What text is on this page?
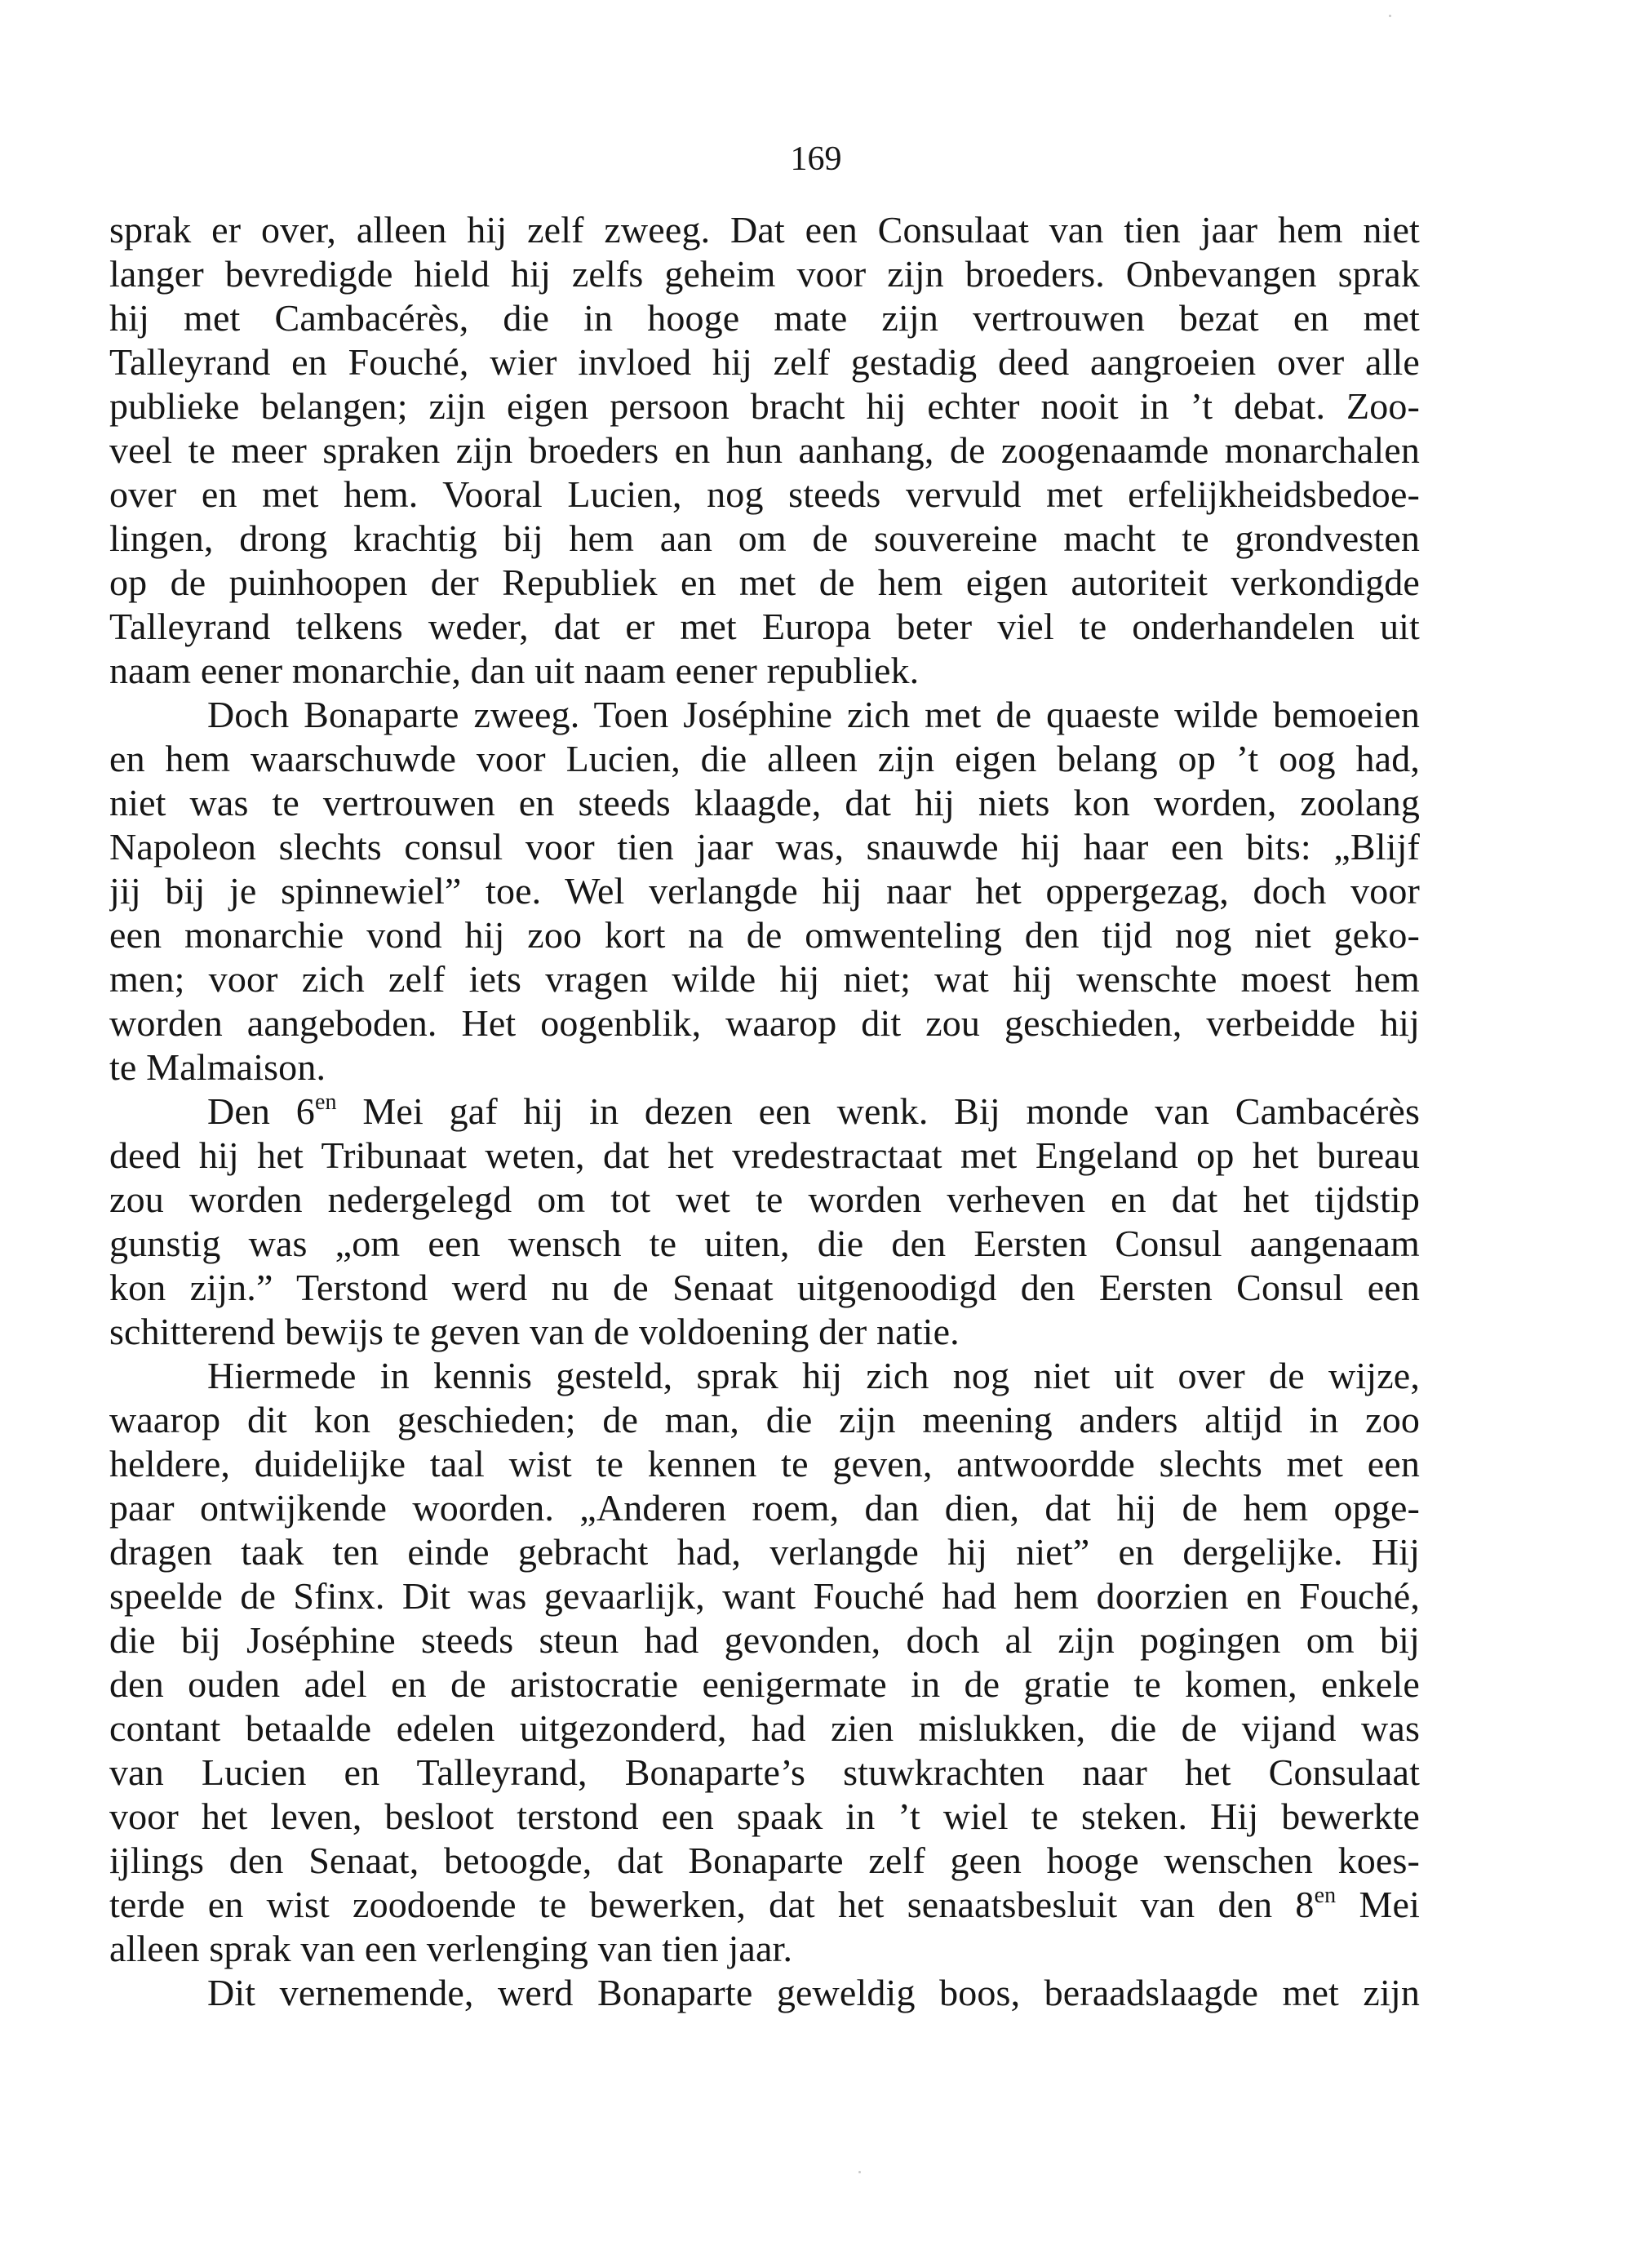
169
sprak er over, alleen hij zelf zweeg. Dat een Consulaat van tien jaar hem niet
langer bevredigde hield hij zelfs geheim voor zijn broeders. Onbevangen sprak
hij met Cambacérès, die in hooge mate zijn vertrouwen bezat en met
Talleyrand en Fouché, wier invloed hij zelf gestadig deed aangroeien over alle
publieke belangen; zijn eigen persoon bracht hij echter nooit in ’t debat. Zoo-
veel te meer spraken zijn broeders en hun aanhang, de zoogenaamde monarchalen
over en met hem. Vooral Lucien, nog steeds vervuld met erfelijkheidsbedoe-
lingen, drong krachtig bij hem aan om de souvereine macht te grondvesten
op de puinhoopen der Republiek en met de hem eigen autoriteit verkondigde
Talleyrand telkens weder, dat er met Europa beter viel te onderhandelen uit
naam eener monarchie, dan uit naam eener republiek.
Doch Bonaparte zweeg. Toen Joséphine zich met de quaeste wilde bemoeien
en hem waarschuwde voor Lucien, die alleen zijn eigen belang op ’t oog had,
niet was te vertrouwen en steeds klaagde, dat hij niets kon worden, zoolang
Napoleon slechts consul voor tien jaar was, snauwde hij haar een bits: „Blijf
jij bij je spinnewiel” toe. Wel verlangde hij naar het oppergezag, doch voor
een monarchie vond hij zoo kort na de omwenteling den tijd nog niet geko-
men; voor zich zelf iets vragen wilde hij niet; wat hij wenschte moest hem
worden aangeboden. Het oogenblik, waarop dit zou geschieden, verbeidde hij
te Malmaison.
Den $6^{en}$ Mei gaf hij in dezen een wenk. Bij monde van Cambacérès
deed hij het Tribunaat weten, dat het vredestractaat met Engeland op het bureau
zou worden nedergelegd om tot wet te worden verheven en dat het tijdstip
gunstig was „om een wensch te uiten, die den Eersten Consul aangenaam
kon zijn.” Terstond werd nu de Senaat uitgenoodigd den Eersten Consul een
schitterend bewijs te geven van de voldoening der natie.
Hiermede in kennis gesteld, sprak hij zich nog niet uit over de wijze,
waarop dit kon geschieden; de man, die zijn meening anders altijd in zoo
heldere, duidelijke taal wist te kennen te geven, antwoordde slechts met een
paar ontwijkende woorden. „Anderen roem, dan dien, dat hij de hem opge-
dragen taak ten einde gebracht had, verlangde hij niet” en dergelijke. Hij
speelde de Sfinx. Dit was gevaarlijk, want Fouché had hem doorzien en Fouché,
die bij Joséphine steeds steun had gevonden, doch al zijn pogingen om bij
den ouden adel en de aristocratie eenigermate in de gratie te komen, enkele
contant betaalde edelen uitgezonderd, had zien mislukken, die de vijand was
van Lucien en Talleyrand, Bonaparte’s stuwkrachten naar het Consulaat
voor het leven, besloot terstond een spaak in ’t wiel te steken. Hij bewerkte
ijlings den Senaat, betoogde, dat Bonaparte zelf geen hooge wenschen koes-
terde en wist zoodoende te bewerken, dat het senaatsbesluit van den $8^{en}$ Mei
alleen sprak van een verlenging van tien jaar.
Dit vernemende, werd Bonaparte geweldig boos, beraadslaagde met zijn
